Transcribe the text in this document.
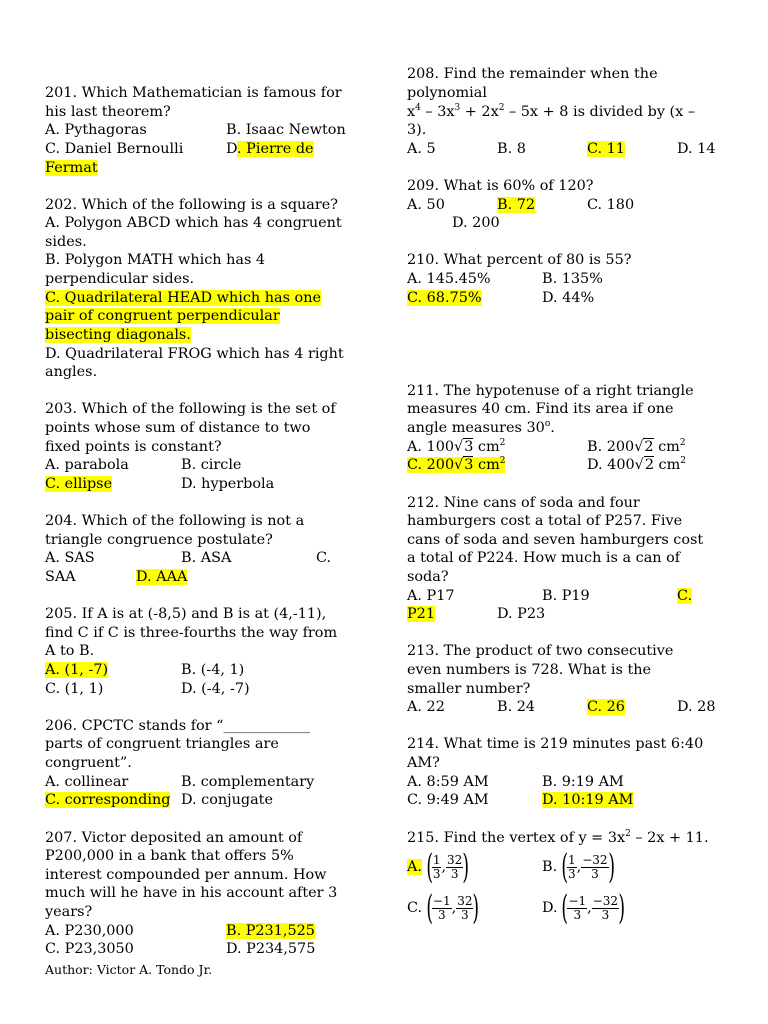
201. Which Mathematician is famous for
his last theorem?
A. Pythagoras	B. Isaac Newton
C. Daniel Bernoulli	D. Pierre de
Fermat
202. Which of the following is a square?
A. Polygon ABCD which has 4 congruent
sides.
B. Polygon MATH which has 4
perpendicular sides.
C. Quadrilateral HEAD which has one
pair of congruent perpendicular
bisecting diagonals.
D. Quadrilateral FROG which has 4 right
angles.
203. Which of the following is the set of
points whose sum of distance to two
fixed points is constant?
A. parabola	B. circle
C. ellipse	D. hyperbola
204. Which of the following is not a
triangle congruence postulate?
A. SAS	B. ASA	C.
SAA	D. AAA
205. If A is at (-8,5) and B is at (4,-11),
find C if C is three-fourths the way from
A to B.
A. (1, -7)	B. (-4, 1)
C. (1, 1)	D. (-4, -7)
206. CPCTC stands for “____________
parts of congruent triangles are
congruent”.
A. collinear	B. complementary
C. corresponding D. conjugate
207. Victor deposited an amount of
P200,000 in a bank that offers 5%
interest compounded per annum. How
much will he have in his account after 3
years?
A. P230,000	B. P231,525
C. P23,3050	D. P234,575
Author: Victor A. Tondo Jr.
208. Find the remainder when the
polynomial
$x^4 - 3x^3 + 2x^2 - 5x + 8$ is divided by (x –
3).
A. 5	B. 8	C. 11	D. 14
209. What is 60% of 120?
A. 50	B. 72	C. 180
D. 200
210. What percent of 80 is 55?
A. 145.45%	B. 135%
C. 68.75%	D. 44%
211. The hypotenuse of a right triangle
measures 40 cm. Find its area if one
angle measures 30$^o$.
A. 100√3 $cm^2$	B. 200√2 $cm^2$
C. 200√3 $cm^2$	D. 400√2 $cm^2$
212. Nine cans of soda and four
hamburgers cost a total of P257. Five
cans of soda and seven hamburgers cost
a total of P224. How much is a can of
soda?
A. P17	B. P19	C.
P21	D. P23
213. The product of two consecutive
even numbers is 728. What is the
smaller number?
A. 22	B. 24	C. 26	D. 28
214. What time is 219 minutes past 6:40
AM?
A. 8:59 AM	B. 9:19 AM
C. 9:49 AM	D. 10:19 AM
215. Find the vertex of $y = 3x^2 - 2x + 11$.
A. ( $\frac{1}{3}$ , $\frac{32}{3}$ )	B. ( $\frac{1}{3}$ , $\frac{-32}{3}$ )
C. ( $\frac{-1}{3}$ , $\frac{32}{3}$ )	D. ( $\frac{-1}{3}$ , $\frac{-32}{3}$ )
